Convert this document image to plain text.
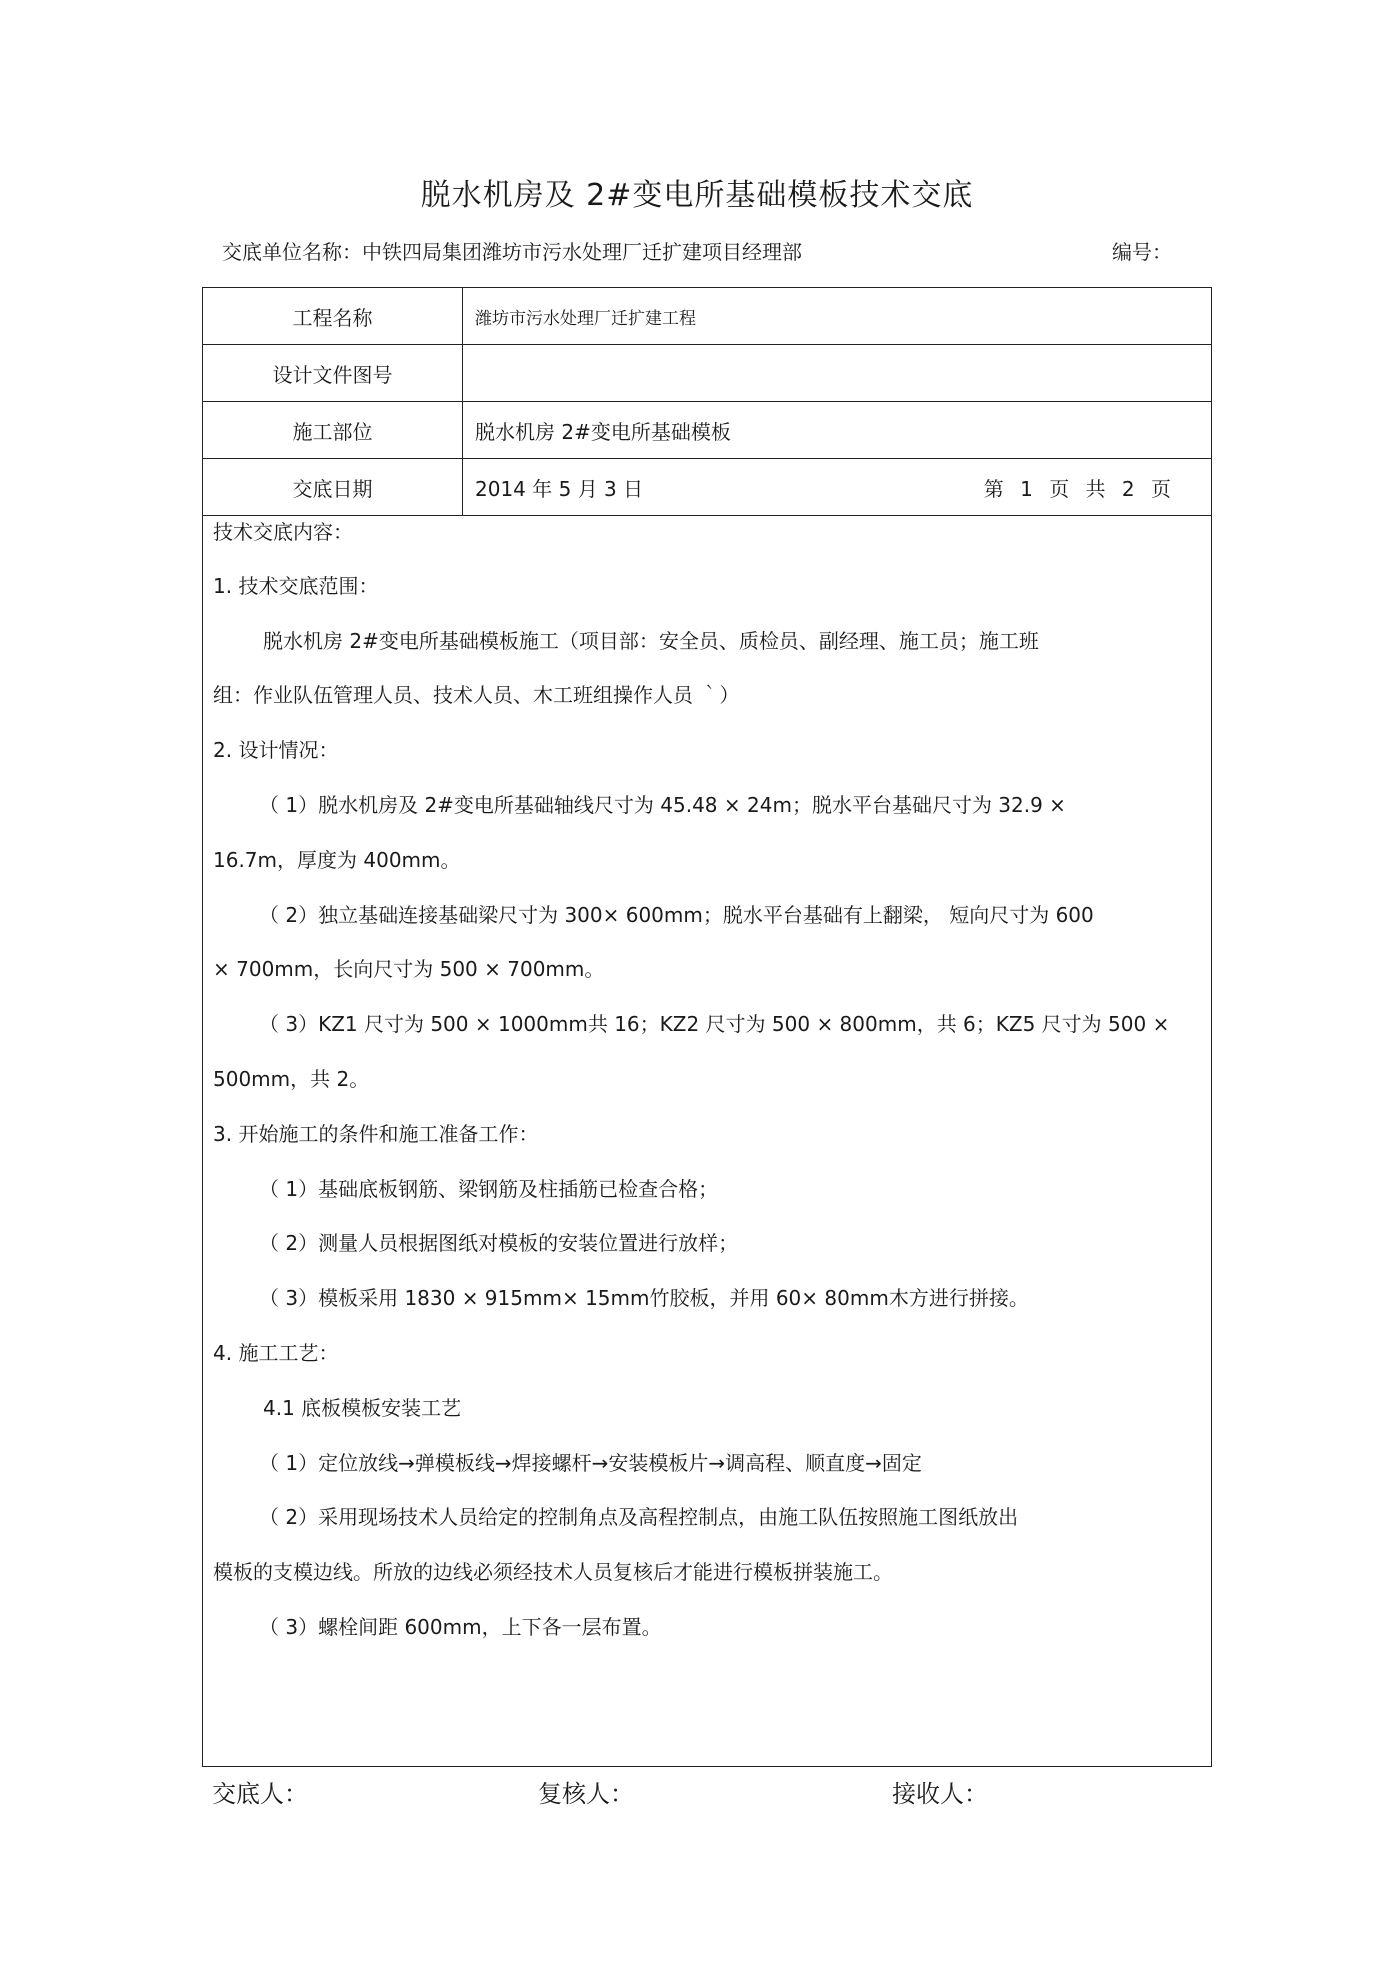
脱水机房及 2#变电所基础模板技术交底
交底单位名称：中铁四局集团潍坊市污水处理厂迁扩建项目经理部	编号：
工程名称	潍坊市污水处理厂迁扩建工程
设计文件图号
施工部位	脱水机房 2#变电所基础模板
交底日期	2014 年 5 月 3 日	第 1 页 共 2 页
技术交底内容：
1. 技术交底范围：
脱水机房 2#变电所基础模板施工（项目部：安全员、质检员、副经理、施工员；施工班
组：作业队伍管理人员、技术人员、木工班组操作人员 ｀）
2. 设计情况：
（ 1）脱水机房及 2#变电所基础轴线尺寸为 45.48 × 24m；脱水平台基础尺寸为 32.9 ×
16.7m，厚度为 400mm。
（ 2）独立基础连接基础梁尺寸为 300× 600mm；脱水平台基础有上翻梁， 短向尺寸为 600
× 700mm，长向尺寸为 500 × 700mm。
（ 3）KZ1 尺寸为 500 × 1000mm共 16；KZ2 尺寸为 500 × 800mm，共 6；KZ5 尺寸为 500 ×
500mm，共 2。
3. 开始施工的条件和施工准备工作：
（ 1）基础底板钢筋、梁钢筋及柱插筋已检查合格；
（ 2）测量人员根据图纸对模板的安装位置进行放样；
（ 3）模板采用 1830 × 915mm× 15mm竹胶板，并用 60× 80mm木方进行拼接。
4. 施工工艺：
4.1 底板模板安装工艺
（ 1）定位放线→弹模板线→焊接螺杆→安装模板片→调高程、顺直度→固定
（ 2）采用现场技术人员给定的控制角点及高程控制点，由施工队伍按照施工图纸放出
模板的支模边线。所放的边线必须经技术人员复核后才能进行模板拼装施工。
（ 3）螺栓间距 600mm，上下各一层布置。
交底人：	复核人：	接收人：
